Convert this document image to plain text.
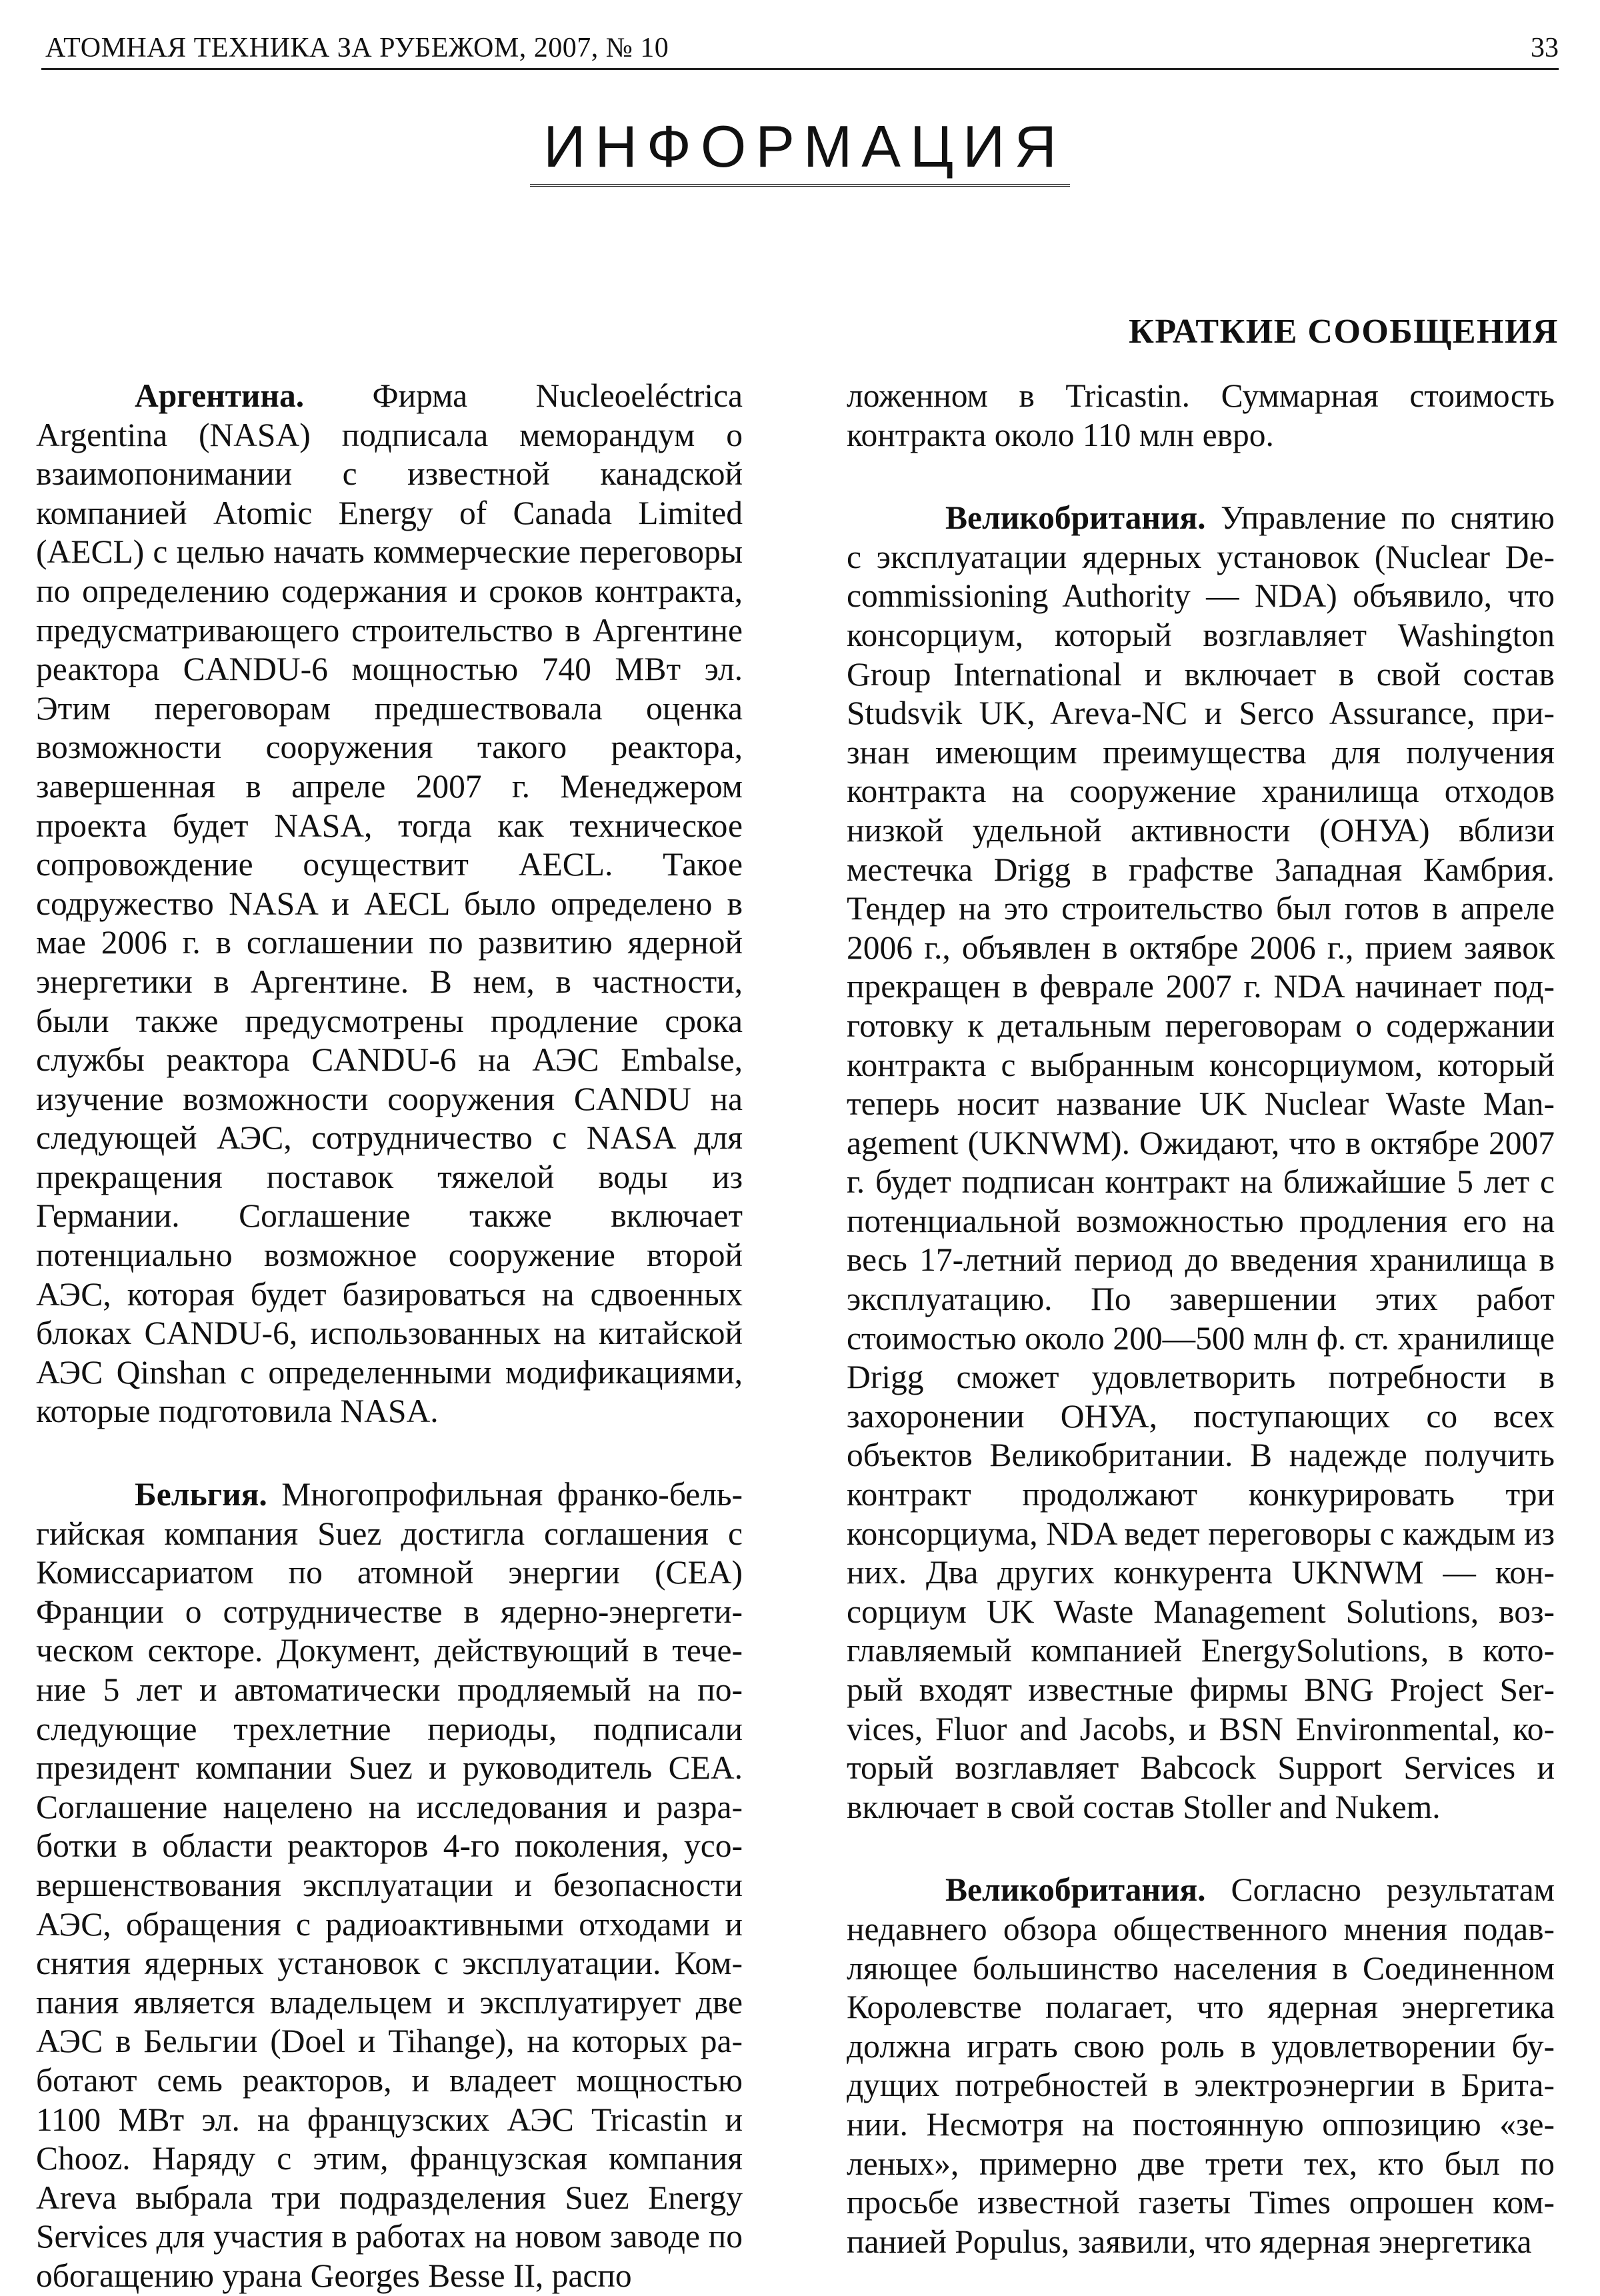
АТОМНАЯ ТЕХНИКА ЗА РУБЕЖОМ, 2007, № 10	33
ИНФОРМАЦИЯ
КРАТКИЕ СООБЩЕНИЯ

Аргентина. Фирма Nucleoeléctrica Argentina (NASA) подписала меморандум о взаимопонимании с известной канадской компанией Atomic Energy of Canada Limited (AECL) с целью начать коммерческие переговоры по определению содержания и сроков контракта, предусматривающего строительство в Аргентине реактора CANDU-6 мощностью 740 МВт эл. Этим переговорам предшествовала оценка возможности сооружения такого реактора, завершенная в апреле 2007 г. Менеджером проекта будет NASA, тогда как техническое сопровождение осуществит AECL. Такое содружество NASA и AECL было определено в мае 2006 г. в соглашении по развитию ядерной энергетики в Аргентине. В нем, в частности, были также предусмотрены продление срока службы реактора CANDU-6 на АЭС Embalse, изучение возможности сооружения CANDU на следующей АЭС, сотрудничество с NASA для прекращения поставок тяжелой воды из Германии. Соглашение также включает потенциально возможное сооружение второй АЭС, которая будет базироваться на сдвоенных блоках CANDU-6, использованных на китайской АЭС Qinshan с определенными модификациями, которые подготовила NASA.

Бельгия. Многопрофильная франко-бельгийская компания Suez достигла соглашения с Комиссариатом по атомной энергии (СЕА) Франции о сотрудничестве в ядерно-энергетическом секторе. Документ, действующий в течение 5 лет и автоматически продляемый на последующие трехлетние периоды, подписали президент компании Suez и руководитель СЕА. Соглашение нацелено на исследования и разработки в области реакторов 4-го поколения, усовершенствования эксплуатации и безопасности АЭС, обращения с радиоактивными отходами и снятия ядерных установок с эксплуатации. Компания является владельцем и эксплуатирует две АЭС в Бельгии (Doel и Tihange), на которых работают семь реакторов, и владеет мощностью 1100 МВт эл. на французских АЭС Tricastin и Chooz. Наряду с этим, французская компания Areva выбрала три подразделения Suez Energy Services для участия в работах на новом заводе по обогащению урана Georges Besse II, распо

ложенном в Tricastin. Суммарная стоимость контракта около 110 млн евро.

Великобритания. Управление по снятию с эксплуатации ядерных установок (Nuclear Decommissioning Authority — NDA) объявило, что консорциум, который возглавляет Washington Group International и включает в свой состав Studsvik UK, Areva-NC и Serco Assurance, признан имеющим преимущества для получения контракта на сооружение хранилища отходов низкой удельной активности (ОНУА) вблизи местечка Drigg в графстве Западная Камбрия. Тендер на это строительство был готов в апреле 2006 г., объявлен в октябре 2006 г., прием заявок прекращен в феврале 2007 г. NDA начинает подготовку к детальным переговорам о содержании контракта с выбранным консорциумом, который теперь носит название UK Nuclear Waste Management (UKNWM). Ожидают, что в октябре 2007 г. будет подписан контракт на ближайшие 5 лет с потенциальной возможностью продления его на весь 17-летний период до введения хранилища в эксплуатацию. По завершении этих работ стоимостью около 200—500 млн ф. ст. хранилище Drigg сможет удовлетворить потребности в захоронении ОНУА, поступающих со всех объектов Великобритании. В надежде получить контракт продолжают конкурировать три консорциума, NDA ведет переговоры с каждым из них. Два других конкурента UKNWM — консорциум UK Waste Management Solutions, возглавляемый компанией EnergySolutions, в который входят известные фирмы BNG Project Services, Fluor and Jacobs, и BSN Environmental, который возглавляет Babcock Support Services и включает в свой состав Stoller and Nukem.

Великобритания. Согласно результатам недавнего обзора общественного мнения подавляющее большинство населения в Соединенном Королевстве полагает, что ядерная энергетика должна играть свою роль в удовлетворении будущих потребностей в электроэнергии в Британии. Несмотря на постоянную оппозицию «зеленых», примерно две трети тех, кто был по просьбе известной газеты Times опрошен компанией Populus, заявили, что ядерная энергетика
